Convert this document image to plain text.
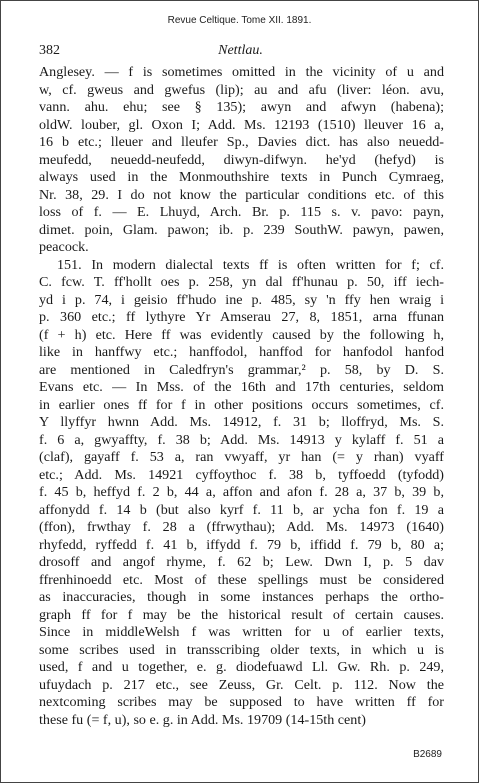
Revue Celtique. Tome XII. 1891.
382	Nettlau.

Anglesey. — f is sometimes omitted in the vicinity of u and
w, cf. gweus and gwefus (lip); au and afu (liver: léon. avu,
vann. ahu. ehu; see § 135); awyn and afwyn (habena);
oldW. louber, gl. Oxon I; Add. Ms. 12193 (1510) lleuver 16 a,
16 b etc.; lleuer and lleufer Sp., Davies dict. has also neuedd-
meufedd, neuedd-neufedd, diwyn-difwyn. he'yd (hefyd) is
always used in the Monmouthshire texts in Punch Cymraeg,
Nr. 38, 29. I do not know the particular conditions etc. of this
loss of f. — E. Lhuyd, Arch. Br. p. 115 s. v. pavo: payn,
dimet. poin, Glam. pawon; ib. p. 239 SouthW. pawyn, pawen,
peacock.

151. In modern dialectal texts ff is often written for f; cf.
C. fcw. T. ff'hollt oes p. 258, yn dal ff'hunau p. 50, iff iech-
yd i p. 74, i geisio ff'hudo ine p. 485, sy 'n ffy hen wraig i
p. 360 etc.; ff lythyre Yr Amserau 27, 8, 1851, arna ffunan
(f + h) etc. Here ff was evidently caused by the following h,
like in hanffwy etc.; hanffodol, hanffod for hanfodol hanfod
are mentioned in Caledfryn's grammar,² p. 58, by D. S.
Evans etc. — In Mss. of the 16th and 17th centuries, seldom
in earlier ones ff for f in other positions occurs sometimes, cf.
Y llyffyr hwnn Add. Ms. 14912, f. 31 b; lloffryd, Ms. S.
f. 6 a, gwyaffty, f. 38 b; Add. Ms. 14913 y kylaff f. 51 a
(claf), gayaff f. 53 a, ran vwyaff, yr han (= y rhan) vyaff
etc.; Add. Ms. 14921 cyffoythoc f. 38 b, tyffoedd (tyfodd)
f. 45 b, heffyd f. 2 b, 44 a, affon and afon f. 28 a, 37 b, 39 b,
affonydd f. 14 b (but also kyrf f. 11 b, ar ycha fon f. 19 a
(ffon), frwthay f. 28 a (ffrwythau); Add. Ms. 14973 (1640)
rhyfedd, ryffedd f. 41 b, iffydd f. 79 b, iffidd f. 79 b, 80 a;
drosoff and angof rhyme, f. 62 b; Lew. Dwn I, p. 5 dav
ffrenhinoedd etc. Most of these spellings must be considered
as inaccuracies, though in some instances perhaps the ortho-
graph ff for f may be the historical result of certain causes.
Since in middleWelsh f was written for u of earlier texts,
some scribes used in transscribing older texts, in which u is
used, f and u together, e. g. diodefuawd Ll. Gw. Rh. p. 249,
ufuydach p. 217 etc., see Zeuss, Gr. Celt. p. 112. Now the
nextcoming scribes may be supposed to have written ff for
these fu (= f, u), so e. g. in Add. Ms. 19709 (14-15th cent)

B2689
